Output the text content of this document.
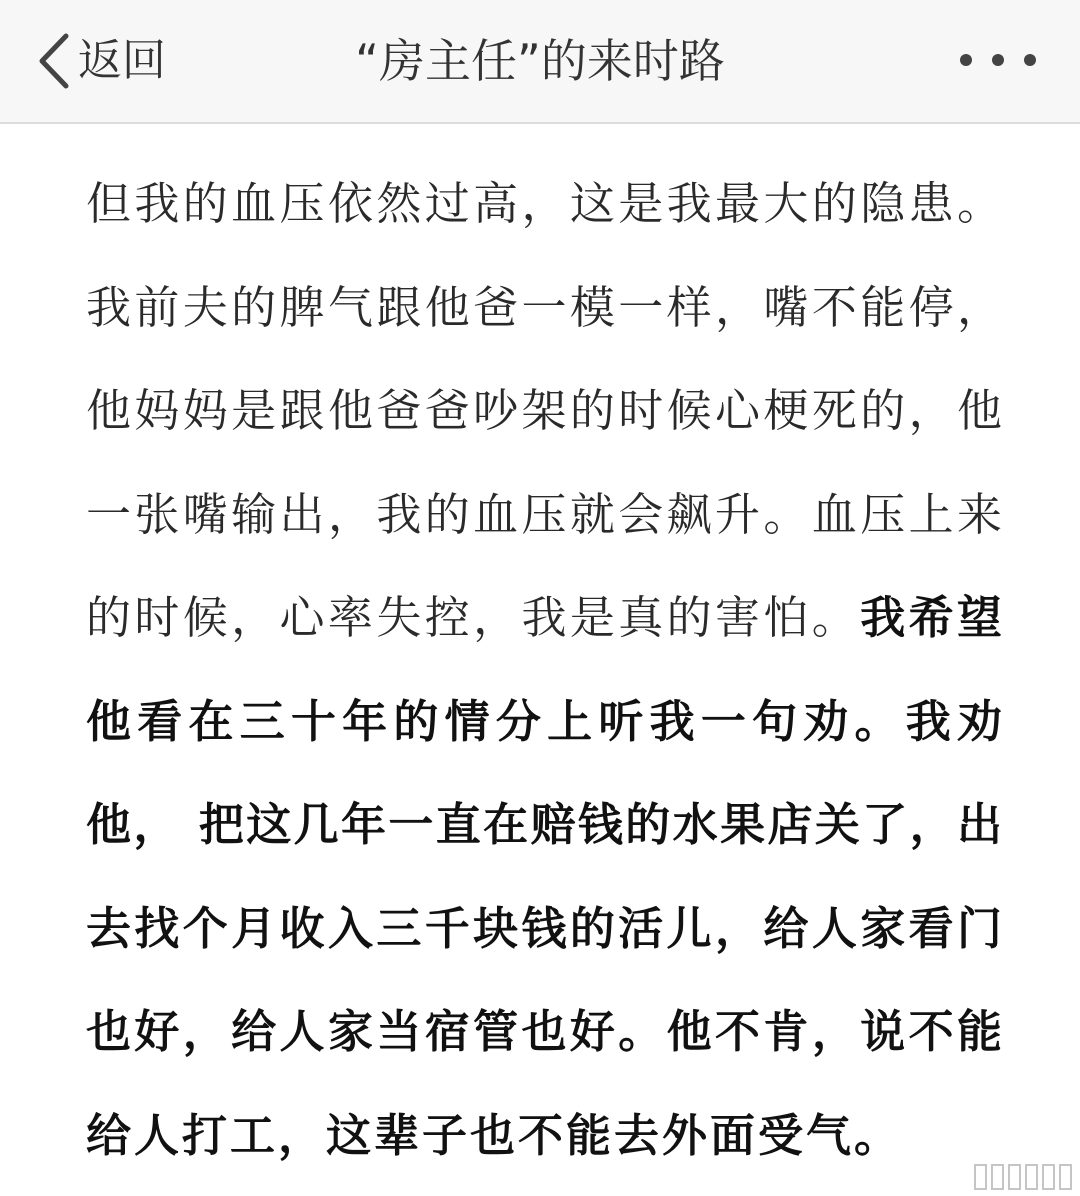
返回	“房主任”的来时路
但我的血压依然过高，这是我最大的隐患。
我前夫的脾气跟他爸一模一样，嘴不能停，
他妈妈是跟他爸爸吵架的时候心梗死的，他
一张嘴输出，我的血压就会飙升。血压上来
的时候，心率失控，我是真的害怕。我希望
他看在三十年的情分上听我一句劝。我劝
他， 把这几年一直在赔钱的水果店关了，出
去找个月收入三千块钱的活儿，给人家看门
也好，给人家当宿管也好。他不肯，说不能
给人打工，这辈子也不能去外面受气。
